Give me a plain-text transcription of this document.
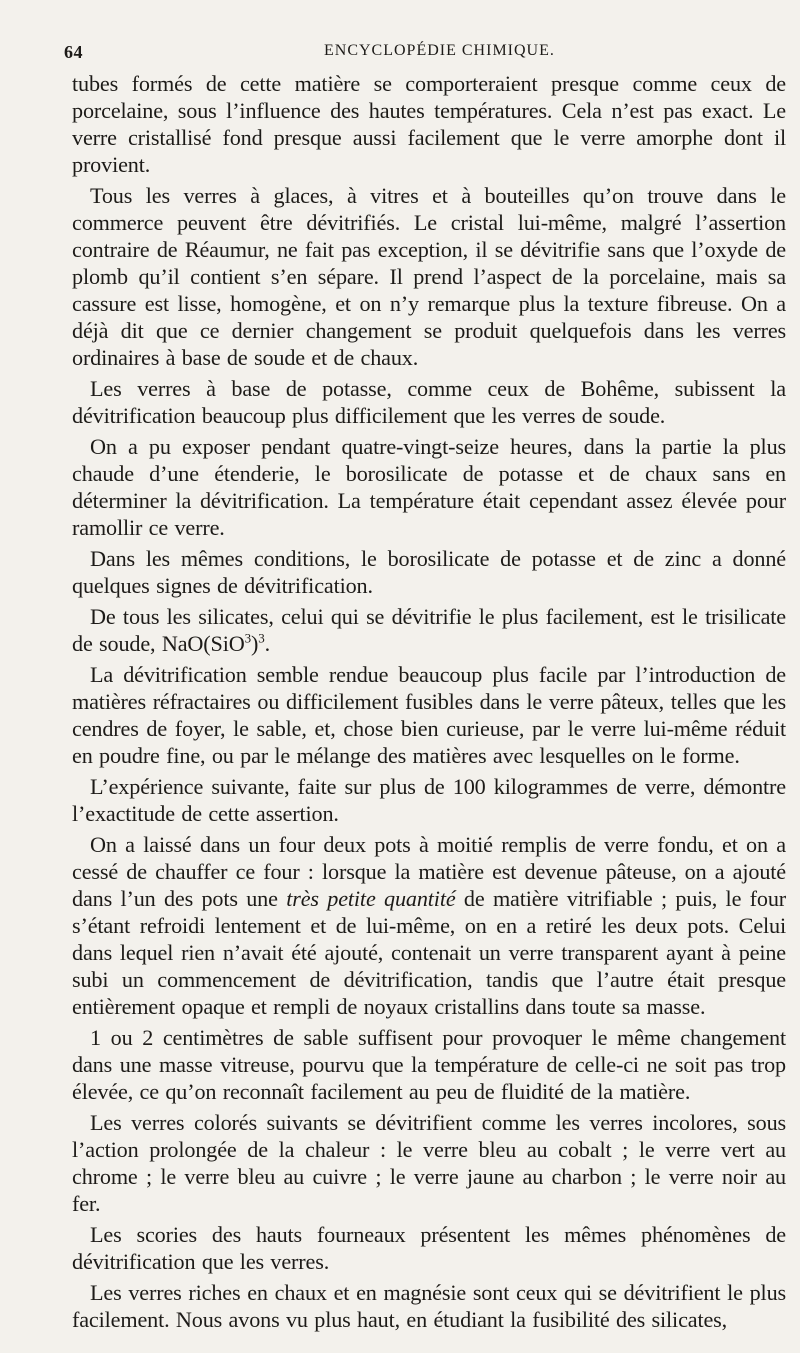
64	ENCYCLOPÉDIE CHIMIQUE.

tubes formés de cette matière se comporteraient presque comme ceux de porcelaine, sous l’influence des hautes températures. Cela n’est pas exact. Le verre cristallisé fond presque aussi facilement que le verre amorphe dont il provient.

Tous les verres à glaces, à vitres et à bouteilles qu’on trouve dans le commerce peuvent être dévitrifiés. Le cristal lui-même, malgré l’assertion contraire de Réaumur, ne fait pas exception, il se dévitrifie sans que l’oxyde de plomb qu’il contient s’en sépare. Il prend l’aspect de la porcelaine, mais sa cassure est lisse, homogène, et on n’y remarque plus la texture fibreuse. On a déjà dit que ce dernier changement se produit quelquefois dans les verres ordinaires à base de soude et de chaux.

Les verres à base de potasse, comme ceux de Bohême, subissent la dévitrification beaucoup plus difficilement que les verres de soude.

On a pu exposer pendant quatre-vingt-seize heures, dans la partie la plus chaude d’une étenderie, le borosilicate de potasse et de chaux sans en déterminer la dévitrification. La température était cependant assez élevée pour ramollir ce verre.

Dans les mêmes conditions, le borosilicate de potasse et de zinc a donné quelques signes de dévitrification.

De tous les silicates, celui qui se dévitrifie le plus facilement, est le trisilicate de soude, $NaO(SiO^3)^3$.

La dévitrification semble rendue beaucoup plus facile par l’introduction de matières réfractaires ou difficilement fusibles dans le verre pâteux, telles que les cendres de foyer, le sable, et, chose bien curieuse, par le verre lui-même réduit en poudre fine, ou par le mélange des matières avec lesquelles on le forme.

L’expérience suivante, faite sur plus de 100 kilogrammes de verre, démontre l’exactitude de cette assertion.

On a laissé dans un four deux pots à moitié remplis de verre fondu, et on a cessé de chauffer ce four : lorsque la matière est devenue pâteuse, on a ajouté dans l’un des pots une très petite quantité de matière vitrifiable ; puis, le four s’étant refroidi lentement et de lui-même, on en a retiré les deux pots. Celui dans lequel rien n’avait été ajouté, contenait un verre transparent ayant à peine subi un commencement de dévitrification, tandis que l’autre était presque entièrement opaque et rempli de noyaux cristallins dans toute sa masse.

1 ou 2 centimètres de sable suffisent pour provoquer le même changement dans une masse vitreuse, pourvu que la température de celle-ci ne soit pas trop élevée, ce qu’on reconnaît facilement au peu de fluidité de la matière.

Les verres colorés suivants se dévitrifient comme les verres incolores, sous l’action prolongée de la chaleur : le verre bleu au cobalt ; le verre vert au chrome ; le verre bleu au cuivre ; le verre jaune au charbon ; le verre noir au fer.

Les scories des hauts fourneaux présentent les mêmes phénomènes de dévitrification que les verres.

Les verres riches en chaux et en magnésie sont ceux qui se dévitrifient le plus facilement. Nous avons vu plus haut, en étudiant la fusibilité des silicates,
